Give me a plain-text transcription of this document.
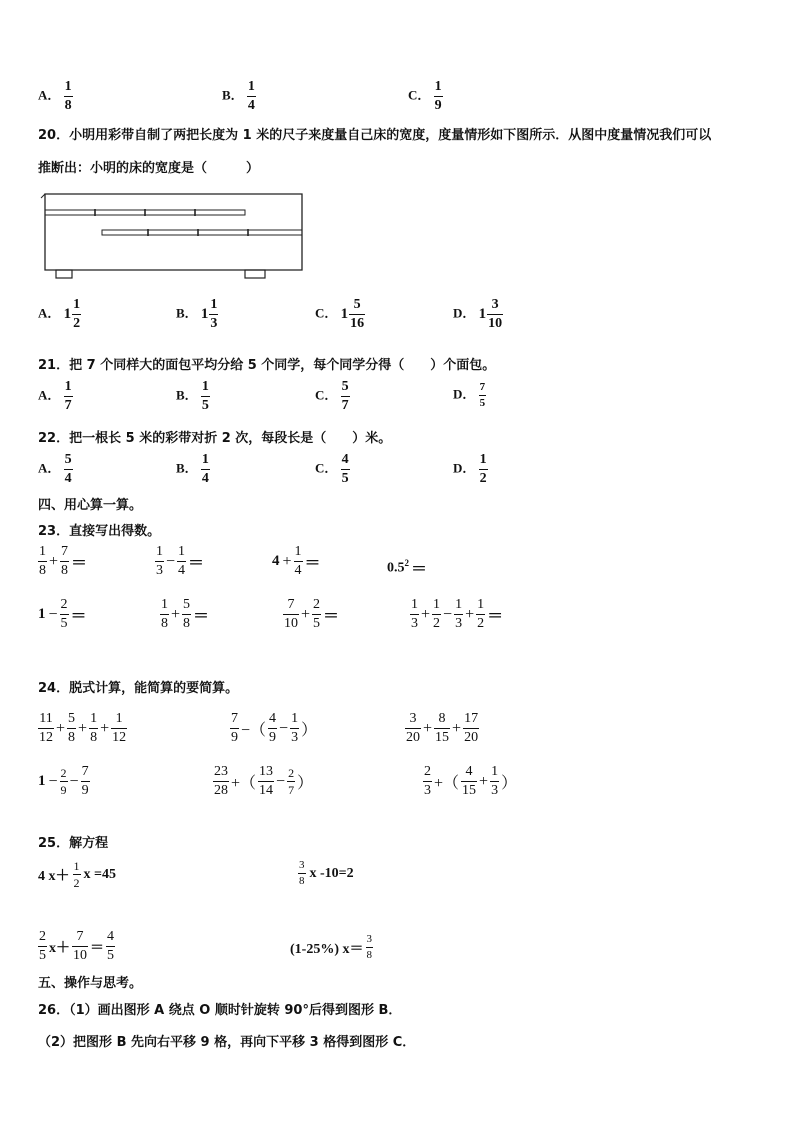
A． $\frac{1}{8}$	B． $\frac{1}{4}$	C． $\frac{1}{9}$
20．小明用彩带自制了两把长度为 1 米的尺子来度量自己床的宽度，度量情形如下图所示．从图中度量情况我们可以
推断出：小明的床的宽度是（　　　）
A． $1 \frac{1}{2}$	B． $1 \frac{1}{3}$	C． $1 \frac{5}{16}$	D． $1 \frac{3}{10}$
21．把 7 个同样大的面包平均分给 5 个同学，每个同学分得（　　）个面包。
A． $\frac{1}{7}$	B． $\frac{1}{5}$	C． $\frac{5}{7}$	D． $\frac{7}{5}$
22．把一根长 5 米的彩带对折 2 次，每段长是（　　）米。
A． $\frac{5}{4}$	B． $\frac{1}{4}$	C． $\frac{4}{5}$	D． $\frac{1}{2}$
四、用心算一算。
23．直接写出得数。
$\frac{1}{8} + \frac{7}{8}$ ＝	$\frac{1}{3} - \frac{1}{4}$ ＝	$4 + \frac{1}{4}$ ＝	$0.5^2$ ＝
$1 - \frac{2}{5}$ ＝	$\frac{1}{8} + \frac{5}{8}$ ＝	$\frac{7}{10} + \frac{2}{5}$ ＝	$\frac{1}{3} + \frac{1}{2} - \frac{1}{3} + \frac{1}{2}$ ＝
24．脱式计算，能简算的要简算。
$\frac{11}{12} + \frac{5}{8} + \frac{1}{8} + \frac{1}{12}$	$\frac{7}{9}$ −（ $\frac{4}{9} - \frac{1}{3}$ ）	$\frac{3}{20} + \frac{8}{15} + \frac{17}{20}$
$1 - \frac{2}{9} - \frac{7}{9}$	$\frac{23}{28}$ +（ $\frac{13}{14} - \frac{2}{7}$ ）	$\frac{2}{3}$ +（ $\frac{4}{15} + \frac{1}{3}$ ）
25．解方程
4 $x+ \frac{1}{2}$ x =45	$\frac{3}{8}$ x -10=2
$\frac{2}{5} x+ \frac{7}{10} = \frac{4}{5}$	(1-25%) $x= \frac{3}{8}$
五、操作与思考。
26．（1）画出图形 A 绕点 O 顺时针旋转 90°后得到图形 B．
（2）把图形 B 先向右平移 9 格，再向下平移 3 格得到图形 C．
